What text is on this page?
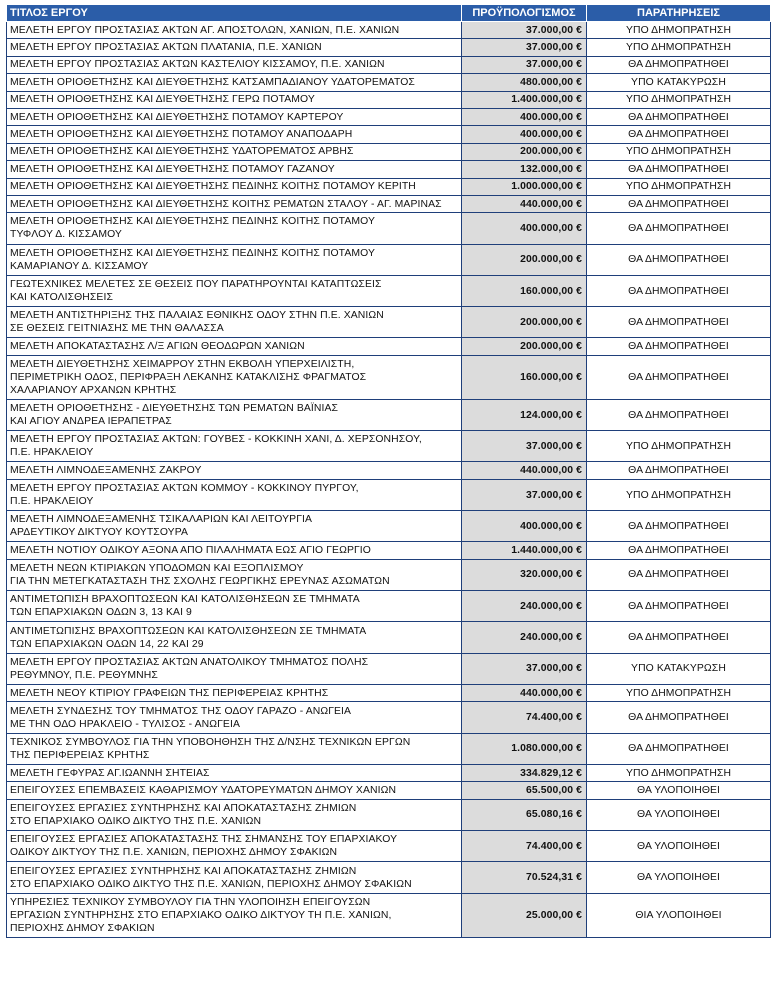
ΤΙΤΛΟΣ ΕΡΓΟΥ	ΠΡΟΫΠΟΛΟΓΙΣΜΟΣ	ΠΑΡΑΤΗΡΗΣΕΙΣ
ΜΕΛΕΤΗ ΕΡΓΟΥ ΠΡΟΣΤΑΣΙΑΣ ΑΚΤΩΝ ΑΓ. ΑΠΟΣΤΟΛΩΝ, ΧΑΝΙΩΝ, Π.Ε. ΧΑΝΙΩΝ	37.000,00 €	ΥΠΟ ΔΗΜΟΠΡΑΤΗΣΗ
ΜΕΛΕΤΗ ΕΡΓΟΥ ΠΡΟΣΤΑΣΙΑΣ ΑΚΤΩΝ ΠΛΑΤΑΝΙΑ, Π.Ε. ΧΑΝΙΩΝ	37.000,00 €	ΥΠΟ ΔΗΜΟΠΡΑΤΗΣΗ
ΜΕΛΕΤΗ ΕΡΓΟΥ ΠΡΟΣΤΑΣΙΑΣ ΑΚΤΩΝ ΚΑΣΤΕΛΙΟΥ ΚΙΣΣΑΜΟΥ, Π.Ε. ΧΑΝΙΩΝ	37.000,00 €	ΘΑ ΔΗΜΟΠΡΑΤΗΘΕΙ
ΜΕΛΕΤΗ ΟΡΙΟΘΕΤΗΣΗΣ ΚΑΙ ΔΙΕΥΘΕΤΗΣΗΣ ΚΑΤΣΑΜΠΑΔΙΑΝΟΥ ΥΔΑΤΟΡΕΜΑΤΟΣ	480.000,00 €	ΥΠΟ ΚΑΤΑΚΥΡΩΣΗ
ΜΕΛΕΤΗ ΟΡΙΟΘΕΤΗΣΗΣ ΚΑΙ ΔΙΕΥΘΕΤΗΣΗΣ ΓΕΡΩ ΠΟΤΑΜΟΥ	1.400.000,00 €	ΥΠΟ ΔΗΜΟΠΡΑΤΗΣΗ
ΜΕΛΕΤΗ ΟΡΙΟΘΕΤΗΣΗΣ ΚΑΙ ΔΙΕΥΘΕΤΗΣΗΣ ΠΟΤΑΜΟΥ ΚΑΡΤΕΡΟΥ	400.000,00 €	ΘΑ ΔΗΜΟΠΡΑΤΗΘΕΙ
ΜΕΛΕΤΗ ΟΡΙΟΘΕΤΗΣΗΣ ΚΑΙ ΔΙΕΥΘΕΤΗΣΗΣ ΠΟΤΑΜΟΥ ΑΝΑΠΟΔΑΡΗ	400.000,00 €	ΘΑ ΔΗΜΟΠΡΑΤΗΘΕΙ
ΜΕΛΕΤΗ ΟΡΙΟΘΕΤΗΣΗΣ ΚΑΙ ΔΙΕΥΘΕΤΗΣΗΣ ΥΔΑΤΟΡΕΜΑΤΟΣ ΑΡΒΗΣ	200.000,00 €	ΥΠΟ ΔΗΜΟΠΡΑΤΗΣΗ
ΜΕΛΕΤΗ ΟΡΙΟΘΕΤΗΣΗΣ ΚΑΙ ΔΙΕΥΘΕΤΗΣΗΣ ΠΟΤΑΜΟΥ ΓΑΖΑΝΟΥ	132.000,00 €	ΘΑ ΔΗΜΟΠΡΑΤΗΘΕΙ
ΜΕΛΕΤΗ ΟΡΙΟΘΕΤΗΣΗΣ ΚΑΙ ΔΙΕΥΘΕΤΗΣΗΣ ΠΕΔΙΝΗΣ ΚΟΙΤΗΣ ΠΟΤΑΜΟΥ ΚΕΡΙΤΗ	1.000.000,00 €	ΥΠΟ ΔΗΜΟΠΡΑΤΗΣΗ
ΜΕΛΕΤΗ ΟΡΙΟΘΕΤΗΣΗΣ ΚΑΙ ΔΙΕΥΘΕΤΗΣΗΣ ΚΟΙΤΗΣ ΡΕΜΑΤΩΝ ΣΤΑΛΟΥ - ΑΓ. ΜΑΡΙΝΑΣ	440.000,00 €	ΘΑ ΔΗΜΟΠΡΑΤΗΘΕΙ
ΜΕΛΕΤΗ ΟΡΙΟΘΕΤΗΣΗΣ ΚΑΙ ΔΙΕΥΘΕΤΗΣΗΣ ΠΕΔΙΝΗΣ ΚΟΙΤΗΣ ΠΟΤΑΜΟΥ
ΤΥΦΛΟΥ Δ. ΚΙΣΣΑΜΟΥ	400.000,00 €	ΘΑ ΔΗΜΟΠΡΑΤΗΘΕΙ
ΜΕΛΕΤΗ ΟΡΙΟΘΕΤΗΣΗΣ ΚΑΙ ΔΙΕΥΘΕΤΗΣΗΣ ΠΕΔΙΝΗΣ ΚΟΙΤΗΣ ΠΟΤΑΜΟΥ
ΚΑΜΑΡΙΑΝΟΥ Δ. ΚΙΣΣΑΜΟΥ	200.000,00 €	ΘΑ ΔΗΜΟΠΡΑΤΗΘΕΙ
ΓΕΩΤΕΧΝΙΚΕΣ ΜΕΛΕΤΕΣ ΣΕ ΘΕΣΕΙΣ ΠΟΥ ΠΑΡΑΤΗΡΟΥΝΤΑΙ ΚΑΤΑΠΤΩΣΕΙΣ
ΚΑΙ ΚΑΤΟΛΙΣΘΗΣΕΙΣ	160.000,00 €	ΘΑ ΔΗΜΟΠΡΑΤΗΘΕΙ
ΜΕΛΕΤΗ ΑΝΤΙΣΤΗΡΙΞΗΣ ΤΗΣ ΠΑΛΑΙΑΣ ΕΘΝΙΚΗΣ ΟΔΟΥ ΣΤΗΝ Π.Ε. ΧΑΝΙΩΝ
ΣΕ ΘΕΣΕΙΣ ΓΕΙΤΝΙΑΣΗΣ ΜΕ ΤΗΝ ΘΑΛΑΣΣΑ	200.000,00 €	ΘΑ ΔΗΜΟΠΡΑΤΗΘΕΙ
ΜΕΛΕΤΗ ΑΠΟΚΑΤΑΣΤΑΣΗΣ Λ/Ξ ΑΓΙΩΝ ΘΕΟΔΩΡΩΝ ΧΑΝΙΩΝ	200.000,00 €	ΘΑ ΔΗΜΟΠΡΑΤΗΘΕΙ
ΜΕΛΕΤΗ ΔΙΕΥΘΕΤΗΣΗΣ ΧΕΙΜΑΡΡΟΥ ΣΤΗΝ ΕΚΒΟΛΗ ΥΠΕΡΧΕΙΛΙΣΤΗ,
ΠΕΡΙΜΕΤΡΙΚΗ ΟΔΟΣ, ΠΕΡΙΦΡΑΞΗ ΛΕΚΑΝΗΣ ΚΑΤΑΚΛΙΣΗΣ ΦΡΑΓΜΑΤΟΣ
ΧΑΛΑΡΙΑΝΟΥ ΑΡΧΑΝΩΝ ΚΡΗΤΗΣ	160.000,00 €	ΘΑ ΔΗΜΟΠΡΑΤΗΘΕΙ
ΜΕΛΕΤΗ ΟΡΙΟΘΕΤΗΣΗΣ - ΔΙΕΥΘΕΤΗΣΗΣ ΤΩΝ ΡΕΜΑΤΩΝ ΒΑΪΝΙΑΣ
ΚΑΙ ΑΓΙΟΥ ΑΝΔΡΕΑ ΙΕΡΑΠΕΤΡΑΣ	124.000,00 €	ΘΑ ΔΗΜΟΠΡΑΤΗΘΕΙ
ΜΕΛΕΤΗ ΕΡΓΟΥ ΠΡΟΣΤΑΣΙΑΣ ΑΚΤΩΝ: ΓΟΥΒΕΣ - ΚΟΚΚΙΝΗ ΧΑΝΙ, Δ. ΧΕΡΣΟΝΗΣΟΥ,
Π.Ε. ΗΡΑΚΛΕΙΟΥ	37.000,00 €	ΥΠΟ ΔΗΜΟΠΡΑΤΗΣΗ
ΜΕΛΕΤΗ ΛΙΜΝΟΔΕΞΑΜΕΝΗΣ ΖΑΚΡΟΥ	440.000,00 €	ΘΑ ΔΗΜΟΠΡΑΤΗΘΕΙ
ΜΕΛΕΤΗ ΕΡΓΟΥ ΠΡΟΣΤΑΣΙΑΣ ΑΚΤΩΝ ΚΟΜΜΟΥ - ΚΟΚΚΙΝΟΥ ΠΥΡΓΟΥ,
Π.Ε. ΗΡΑΚΛΕΙΟΥ	37.000,00 €	ΥΠΟ ΔΗΜΟΠΡΑΤΗΣΗ
ΜΕΛΕΤΗ ΛΙΜΝΟΔΕΞΑΜΕΝΗΣ ΤΣΙΚΑΛΑΡΙΩΝ ΚΑΙ ΛΕΙΤΟΥΡΓΙΑ
ΑΡΔΕΥΤΙΚΟΥ ΔΙΚΤΥΟΥ ΚΟΥΤΣΟΥΡΑ	400.000,00 €	ΘΑ ΔΗΜΟΠΡΑΤΗΘΕΙ
ΜΕΛΕΤΗ ΝΟΤΙΟΥ ΟΔΙΚΟΥ ΑΞΟΝΑ ΑΠΟ ΠΙΛΑΛΗΜΑΤΑ ΕΩΣ ΑΓΙΟ ΓΕΩΡΓΙΟ	1.440.000,00 €	ΘΑ ΔΗΜΟΠΡΑΤΗΘΕΙ
ΜΕΛΕΤΗ ΝΕΩΝ ΚΤΙΡΙΑΚΩΝ ΥΠΟΔΟΜΩΝ ΚΑΙ ΕΞΟΠΛΙΣΜΟΥ
ΓΙΑ ΤΗΝ ΜΕΤΕΓΚΑΤΑΣΤΑΣΗ ΤΗΣ ΣΧΟΛΗΣ ΓΕΩΡΓΙΚΗΣ ΕΡΕΥΝΑΣ ΑΣΩΜΑΤΩΝ	320.000,00 €	ΘΑ ΔΗΜΟΠΡΑΤΗΘΕΙ
ΑΝΤΙΜΕΤΩΠΙΣΗ ΒΡΑΧΟΠΤΩΣΕΩΝ ΚΑΙ ΚΑΤΟΛΙΣΘΗΣΕΩΝ ΣΕ ΤΜΗΜΑΤΑ
ΤΩΝ ΕΠΑΡΧΙΑΚΩΝ ΟΔΩΝ 3, 13 ΚΑΙ 9	240.000,00 €	ΘΑ ΔΗΜΟΠΡΑΤΗΘΕΙ
ΑΝΤΙΜΕΤΩΠΙΣΗΣ ΒΡΑΧΟΠΤΩΣΕΩΝ ΚΑΙ ΚΑΤΟΛΙΣΘΗΣΕΩΝ ΣΕ ΤΜΗΜΑΤΑ
ΤΩΝ ΕΠΑΡΧΙΑΚΩΝ ΟΔΩΝ 14, 22 ΚΑΙ 29	240.000,00 €	ΘΑ ΔΗΜΟΠΡΑΤΗΘΕΙ
ΜΕΛΕΤΗ ΕΡΓΟΥ ΠΡΟΣΤΑΣΙΑΣ ΑΚΤΩΝ ΑΝΑΤΟΛΙΚΟΥ ΤΜΗΜΑΤΟΣ ΠΟΛΗΣ
ΡΕΘΥΜΝΟΥ, Π.Ε. ΡΕΘΥΜΝΗΣ	37.000,00 €	ΥΠΟ ΚΑΤΑΚΥΡΩΣΗ
ΜΕΛΕΤΗ ΝΕΟΥ ΚΤΙΡΙΟΥ ΓΡΑΦΕΙΩΝ ΤΗΣ ΠΕΡΙΦΕΡΕΙΑΣ ΚΡΗΤΗΣ	440.000,00 €	ΥΠΟ ΔΗΜΟΠΡΑΤΗΣΗ
ΜΕΛΕΤΗ ΣΥΝΔΕΣΗΣ ΤΟΥ ΤΜΗΜΑΤΟΣ ΤΗΣ ΟΔΟΥ ΓΑΡΑΖΟ - ΑΝΩΓΕΙΑ
ΜΕ ΤΗΝ ΟΔΟ ΗΡΑΚΛΕΙΟ - ΤΥΛΙΣΟΣ - ΑΝΩΓΕΙΑ	74.400,00 €	ΘΑ ΔΗΜΟΠΡΑΤΗΘΕΙ
ΤΕΧΝΙΚΟΣ ΣΥΜΒΟΥΛΟΣ ΓΙΑ ΤΗΝ ΥΠΟΒΟΗΘΗΣΗ ΤΗΣ Δ/ΝΣΗΣ ΤΕΧΝΙΚΩΝ ΕΡΓΩΝ
ΤΗΣ ΠΕΡΙΦΕΡΕΙΑΣ ΚΡΗΤΗΣ	1.080.000,00 €	ΘΑ ΔΗΜΟΠΡΑΤΗΘΕΙ
ΜΕΛΕΤΗ ΓΕΦΥΡΑΣ ΑΓ.ΙΩΑΝΝΗ ΣΗΤΕΙΑΣ	334.829,12 €	ΥΠΟ ΔΗΜΟΠΡΑΤΗΣΗ
ΕΠΕΙΓΟΥΣΕΣ ΕΠΕΜΒΑΣΕΙΣ ΚΑΘΑΡΙΣΜΟΥ ΥΔΑΤΟΡΕΥΜΑΤΩΝ ΔΗΜΟΥ ΧΑΝΙΩΝ	65.500,00 €	ΘΑ ΥΛΟΠΟΙΗΘΕΙ
ΕΠΕΙΓΟΥΣΕΣ ΕΡΓΑΣΙΕΣ ΣΥΝΤΗΡΗΣΗΣ ΚΑΙ ΑΠΟΚΑΤΑΣΤΑΣΗΣ ΖΗΜΙΩΝ
ΣΤΟ ΕΠΑΡΧΙΑΚΟ ΟΔΙΚΟ ΔΙΚΤΥΟ ΤΗΣ Π.Ε. ΧΑΝΙΩΝ	65.080,16 €	ΘΑ ΥΛΟΠΟΙΗΘΕΙ
ΕΠΕΙΓΟΥΣΕΣ ΕΡΓΑΣΙΕΣ ΑΠΟΚΑΤΑΣΤΑΣΗΣ ΤΗΣ ΣΗΜΑΝΣΗΣ ΤΟΥ ΕΠΑΡΧΙΑΚΟΥ
ΟΔΙΚΟΥ ΔΙΚΤΥΟΥ ΤΗΣ Π.Ε. ΧΑΝΙΩΝ, ΠΕΡΙΟΧΗΣ ΔΗΜΟΥ ΣΦΑΚΙΩΝ	74.400,00 €	ΘΑ ΥΛΟΠΟΙΗΘΕΙ
ΕΠΕΙΓΟΥΣΕΣ ΕΡΓΑΣΙΕΣ ΣΥΝΤΗΡΗΣΗΣ ΚΑΙ ΑΠΟΚΑΤΑΣΤΑΣΗΣ ΖΗΜΙΩΝ
ΣΤΟ ΕΠΑΡΧΙΑΚΟ ΟΔΙΚΟ ΔΙΚΤΥΟ ΤΗΣ Π.Ε. ΧΑΝΙΩΝ, ΠΕΡΙΟΧΗΣ ΔΗΜΟΥ ΣΦΑΚΙΩΝ	70.524,31 €	ΘΑ ΥΛΟΠΟΙΗΘΕΙ
ΥΠΗΡΕΣΙΕΣ ΤΕΧΝΙΚΟΥ ΣΥΜΒΟΥΛΟΥ ΓΙΑ ΤΗΝ ΥΛΟΠΟΙΗΣΗ ΕΠΕΙΓΟΥΣΩΝ
ΕΡΓΑΣΙΩΝ ΣΥΝΤΗΡΗΣΗΣ ΣΤΟ ΕΠΑΡΧΙΑΚΟ ΟΔΙΚΟ ΔΙΚΤΥΟΥ ΤΗ Π.Ε. ΧΑΝΙΩΝ,
ΠΕΡΙΟΧΗΣ ΔΗΜΟΥ ΣΦΑΚΙΩΝ	25.000,00 €	ΘΙΑ ΥΛΟΠΟΙΗΘΕΙ
